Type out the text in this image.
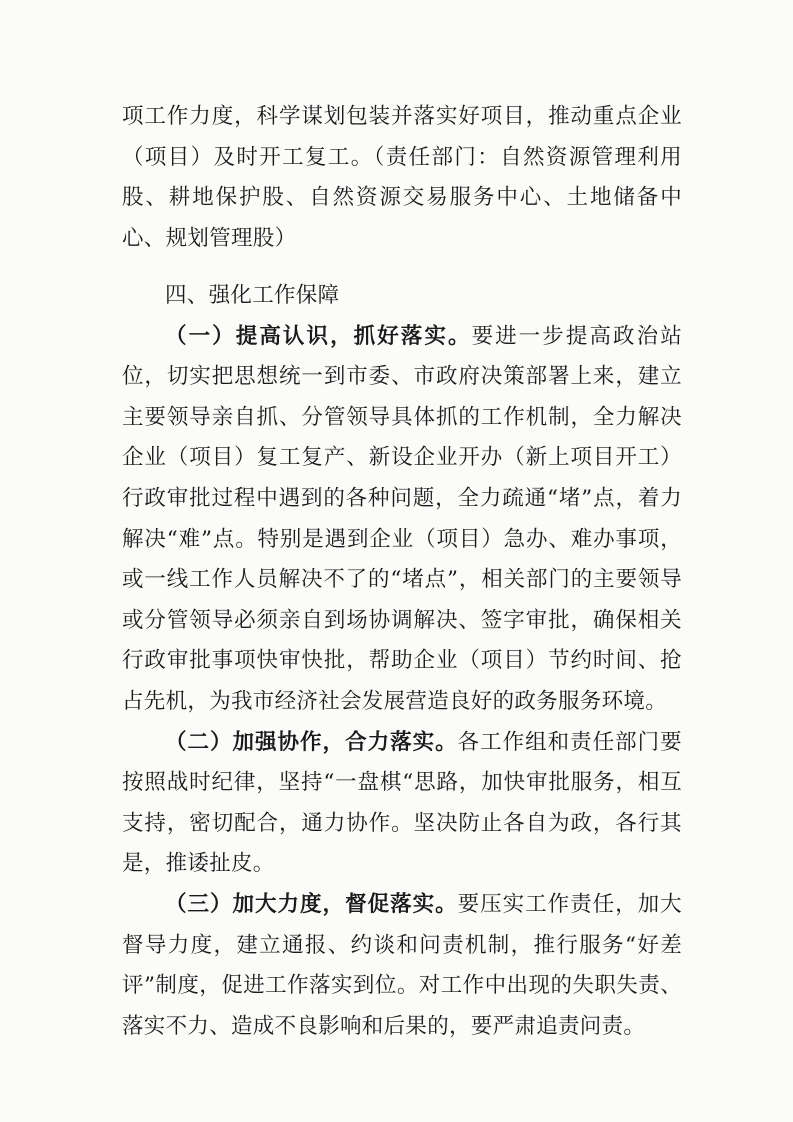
项工作力度，科学谋划包装并落实好项目，推动重点企业（项目）及时开工复工。（责任部门：自然资源管理利用股、耕地保护股、自然资源交易服务中心、土地储备中心、规划管理股）

四、强化工作保障

（一）提高认识，抓好落实。要进一步提高政治站位，切实把思想统一到市委、市政府决策部署上来，建立主要领导亲自抓、分管领导具体抓的工作机制，全力解决企业（项目）复工复产、新设企业开办（新上项目开工）行政审批过程中遇到的各种问题，全力疏通“堵”点，着力解决“难”点。特别是遇到企业（项目）急办、难办事项，或一线工作人员解决不了的“堵点”，相关部门的主要领导或分管领导必须亲自到场协调解决、签字审批，确保相关行政审批事项快审快批，帮助企业（项目）节约时间、抢占先机，为我市经济社会发展营造良好的政务服务环境。

（二）加强协作，合力落实。各工作组和责任部门要按照战时纪律，坚持“一盘棋“思路，加快审批服务，相互支持，密切配合，通力协作。坚决防止各自为政，各行其是，推诿扯皮。

（三）加大力度，督促落实。要压实工作责任，加大督导力度，建立通报、约谈和问责机制，推行服务“好差评”制度，促进工作落实到位。对工作中出现的失职失责、落实不力、造成不良影响和后果的，要严肃追责问责。
